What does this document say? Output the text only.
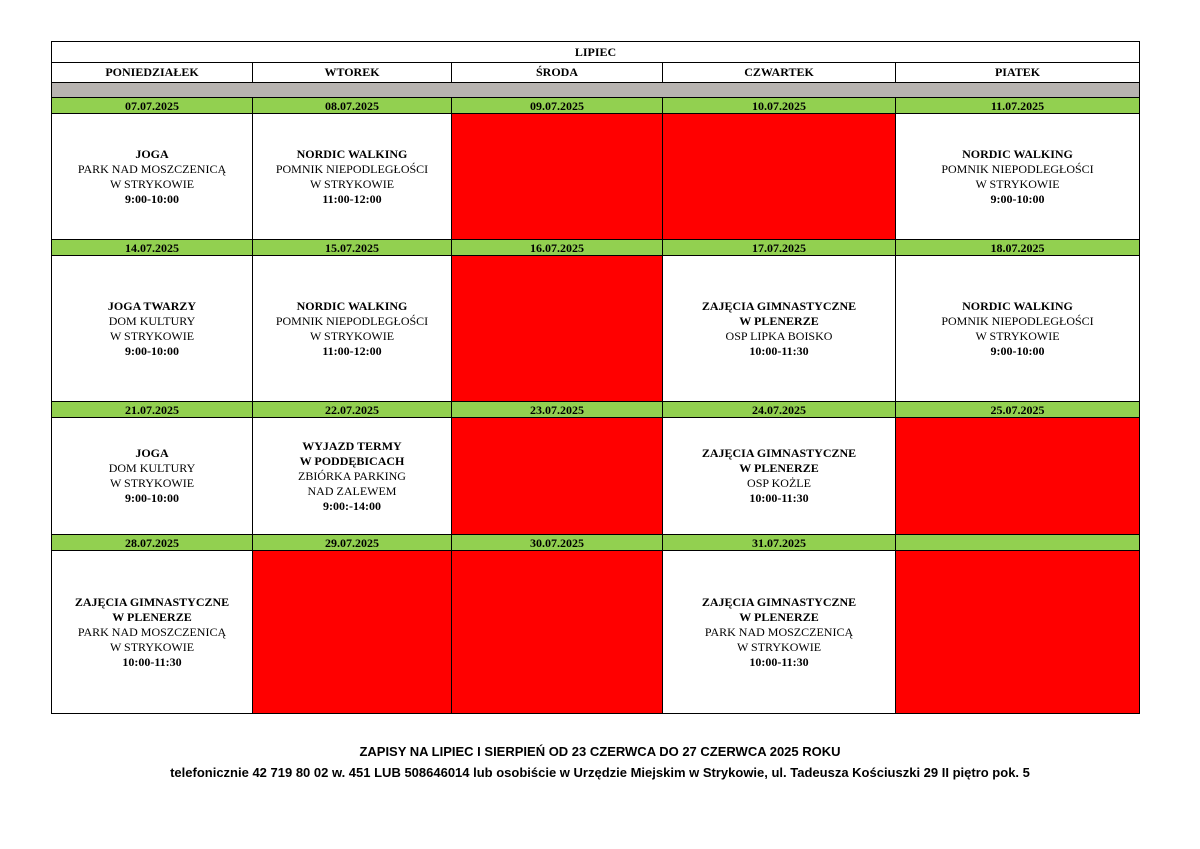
LIPIEC				
PONIEDZIAŁEK	WTOREK	ŚRODA	CZWARTEK	PIATEK

07.07.2025	08.07.2025	09.07.2025	10.07.2025	11.07.2025

JOGA
PARK NAD MOSZCZENICĄ
W STRYKOWIE
9:00-10:00	NORDIC WALKING
POMNIK NIEPODLEGŁOŚCI
W STRYKOWIE
11:00-12:00			NORDIC WALKING
POMNIK NIEPODLEGŁOŚCI
W STRYKOWIE
9:00-10:00

14.07.2025	15.07.2025	16.07.2025	17.07.2025	18.07.2025

JOGA TWARZY
DOM KULTURY
W STRYKOWIE
9:00-10:00	NORDIC WALKING
POMNIK NIEPODLEGŁOŚCI
W STRYKOWIE
11:00-12:00		ZAJĘCIA GIMNASTYCZNE
W PLENERZE
OSP LIPKA BOISKO
10:00-11:30	NORDIC WALKING
POMNIK NIEPODLEGŁOŚCI
W STRYKOWIE
9:00-10:00

21.07.2025	22.07.2025	23.07.2025	24.07.2025	25.07.2025

JOGA
DOM KULTURY
W STRYKOWIE
9:00-10:00	WYJAZD TERMY
W PODDĘBICACH
ZBIÓRKA PARKING
NAD ZALEWEM
9:00:-14:00		ZAJĘCIA GIMNASTYCZNE
W PLENERZE
OSP KOŻLE
10:00-11:30	

28.07.2025	29.07.2025	30.07.2025	31.07.2025	

ZAJĘCIA GIMNASTYCZNE
W PLENERZE
PARK NAD MOSZCZENICĄ
W STRYKOWIE
10:00-11:30			ZAJĘCIA GIMNASTYCZNE
W PLENERZE
PARK NAD MOSZCZENICĄ
W STRYKOWIE
10:00-11:30	

ZAPISY NA LIPIEC I SIERPIEŃ OD 23 CZERWCA DO 27 CZERWCA 2025 ROKU
telefonicznie 42 719 80 02 w. 451 LUB 508646014 lub osobiście w Urzędzie Miejskim w Strykowie, ul. Tadeusza Kościuszki 29 II piętro pok. 5
